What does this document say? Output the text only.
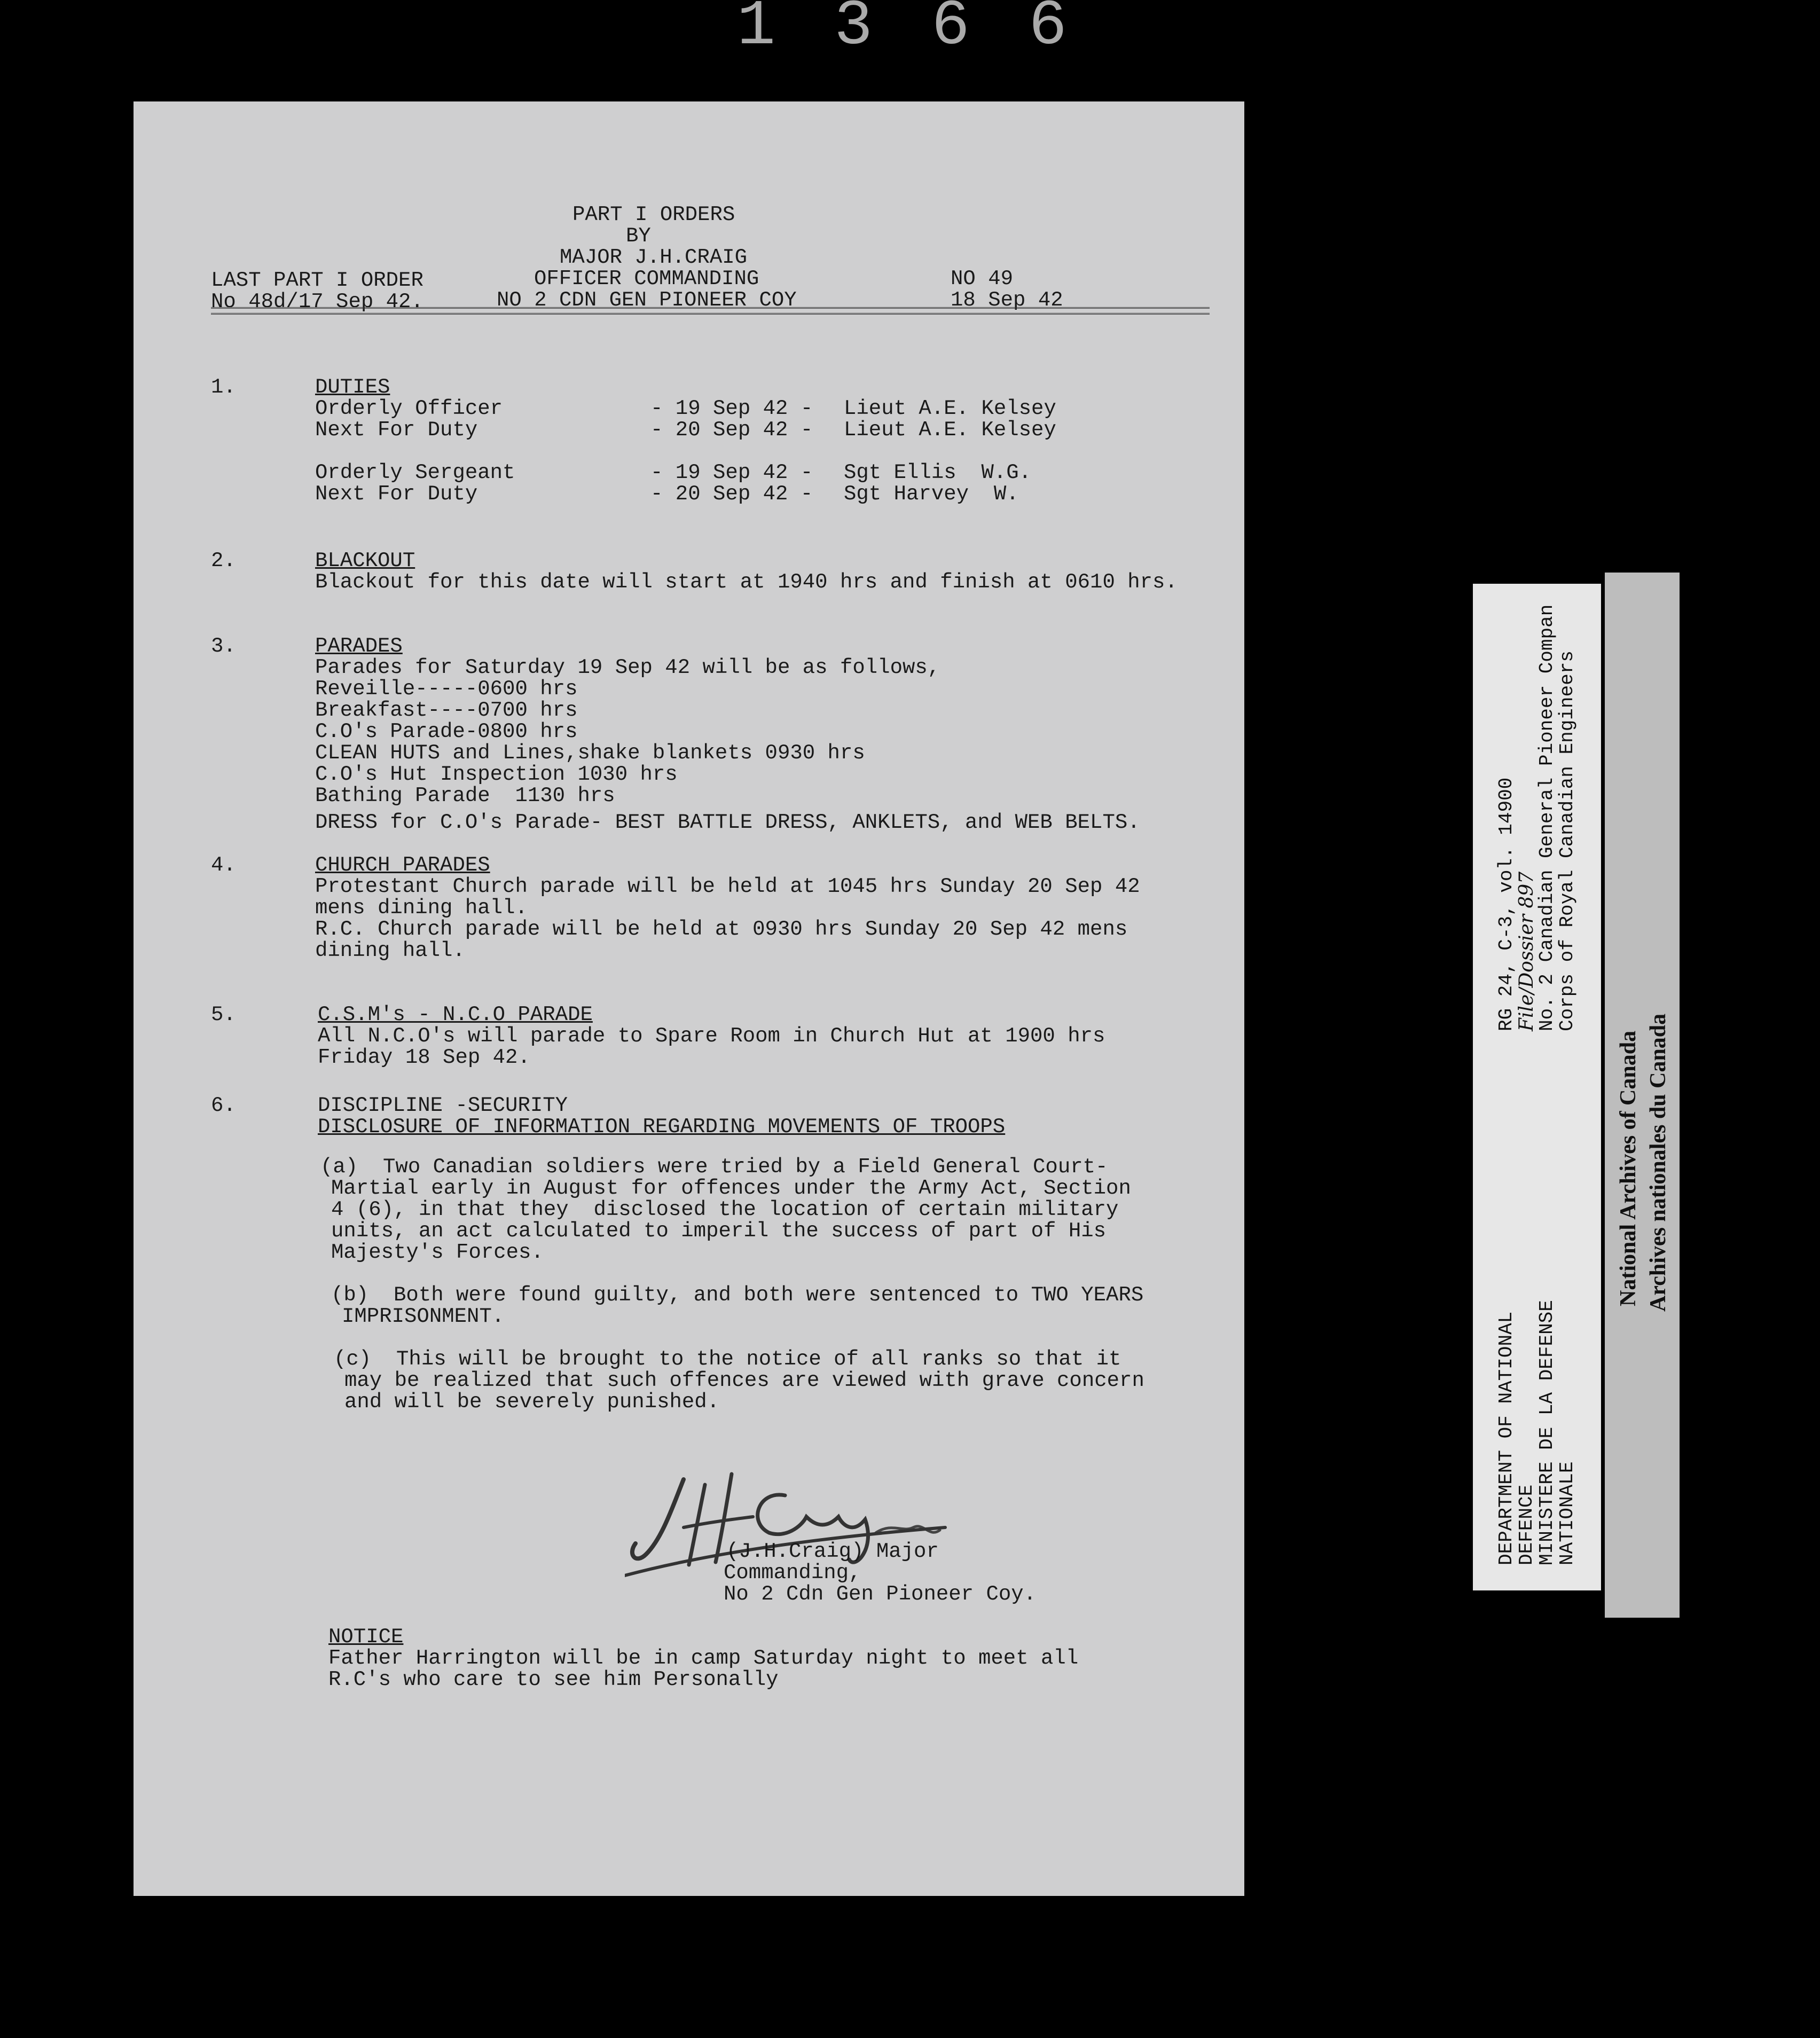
1366
PART I ORDERS
BY
MAJOR J.H.CRAIG
OFFICER COMMANDING
NO 2 CDN GEN PIONEER COY
LAST PART I ORDER
No 48d/17 Sep 42.
NO 49
18 Sep 42
1.	DUTIES
Orderly Officer	- 19 Sep 42 - Lieut A.E. Kelsey
Next For Duty	- 20 Sep 42 - Lieut A.E. Kelsey
Orderly Sergeant	- 19 Sep 42 - Sgt Ellis  W.G.
Next For Duty	- 20 Sep 42 - Sgt Harvey  W.
2.	BLACKOUT
Blackout for this date will start at 1940 hrs and finish at 0610 hrs.
3.	PARADES
Parades for Saturday 19 Sep 42 will be as follows,
Reveille-----0600 hrs
Breakfast----0700 hrs
C.O's Parade-0800 hrs
CLEAN HUTS and Lines,shake blankets 0930 hrs
C.O's Hut Inspection 1030 hrs
Bathing Parade  1130 hrs
DRESS for C.O's Parade- BEST BATTLE DRESS, ANKLETS, and WEB BELTS.
4.	CHURCH PARADES
Protestant Church parade will be held at 1045 hrs Sunday 20 Sep 42
mens dining hall.
R.C. Church parade will be held at 0930 hrs Sunday 20 Sep 42 mens
dining hall.
5.	C.S.M's - N.C.O PARADE
All N.C.O's will parade to Spare Room in Church Hut at 1900 hrs
Friday 18 Sep 42.
6.	DISCIPLINE -SECURITY
DISCLOSURE OF INFORMATION REGARDING MOVEMENTS OF TROOPS
(a)  Two Canadian soldiers were tried by a Field General Court-
Martial early in August for offences under the Army Act, Section
4 (6), in that they  disclosed the location of certain military
units, an act calculated to imperil the success of part of His
Majesty's Forces.
(b)  Both were found guilty, and both were sentenced to TWO YEARS
IMPRISONMENT.
(c)  This will be brought to the notice of all ranks so that it
may be realized that such offences are viewed with grave concern
and will be severely punished.
(J.H.Craig) Major
Commanding,
No 2 Cdn Gen Pioneer Coy.
NOTICE
Father Harrington will be in camp Saturday night to meet all
R.C's who care to see him Personally
RG 24, C-3, vol. 14900
File/Dossier 897
No. 2 Canadian General Pioneer Compan
Corps of Royal Canadian Engineers
DEPARTMENT OF NATIONAL
DEFENCE
MINISTERE DE LA DEFENSE
NATIONALE
National Archives of Canada Archives nationales du Canada
